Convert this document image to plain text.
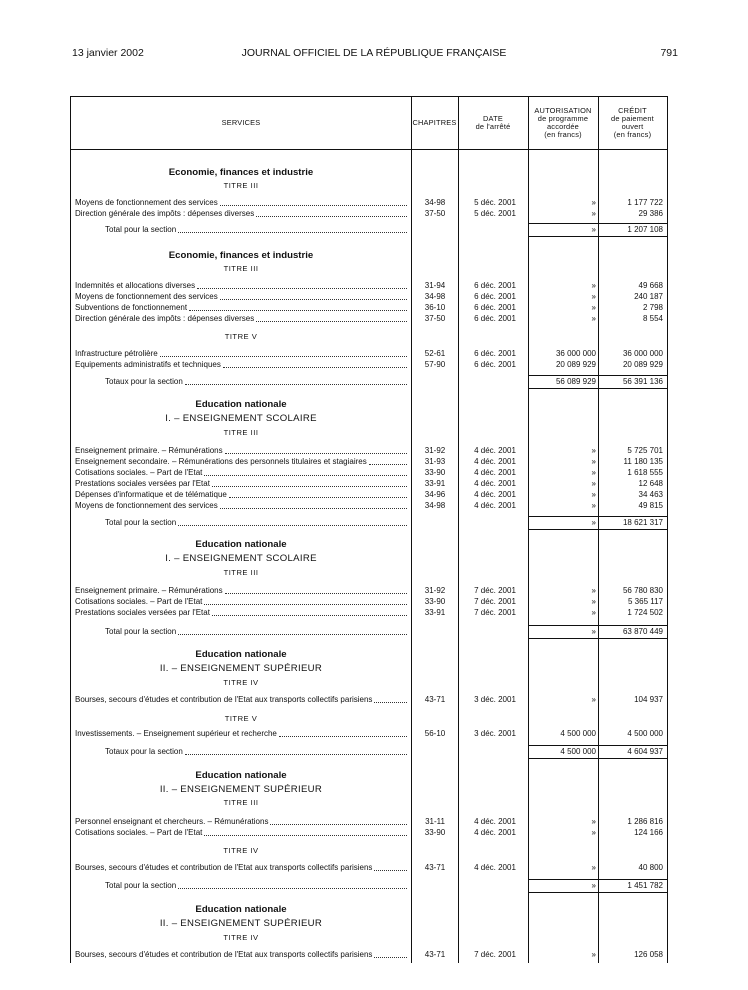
13 janvier 2002	JOURNAL OFFICIEL DE LA RÉPUBLIQUE FRANÇAISE	791
SERVICES	CHAPITRES	DATE
de l'arrêté
AUTORISATION
de programme
accordée
(en francs)
CRÉDIT
de paiement
ouvert
(en francs)
Economie, finances et industrie
TITRE III
Moyens de fonctionnement des services	34-98	5 déc. 2001	»	1 177 722
Direction générale des impôts : dépenses diverses	37-50	5 déc. 2001	»	29 386
Total pour la section	»	1 207 108
Economie, finances et industrie
TITRE III
Indemnités et allocations diverses	31-94	6 déc. 2001	»	49 668
Moyens de fonctionnement des services	34-98	6 déc. 2001	»	240 187
Subventions de fonctionnement	36-10	6 déc. 2001	»	2 798
Direction générale des impôts : dépenses diverses	37-50	6 déc. 2001	»	8 554
TITRE V
Infrastructure pétrolière	52-61	6 déc. 2001	36 000 000	36 000 000
Equipements administratifs et techniques	57-90	6 déc. 2001	20 089 929	20 089 929
Totaux pour la section	56 089 929	56 391 136
Education nationale
I. – ENSEIGNEMENT SCOLAIRE
TITRE III
Enseignement primaire. – Rémunérations	31-92	4 déc. 2001	»	5 725 701
Enseignement secondaire. – Rémunérations des personnels titulaires et stagiaires	31-93	4 déc. 2001	»	11 180 135
Cotisations sociales. – Part de l'Etat	33-90	4 déc. 2001	»	1 618 555
Prestations sociales versées par l'Etat	33-91	4 déc. 2001	»	12 648
Dépenses d'informatique et de télématique	34-96	4 déc. 2001	»	34 463
Moyens de fonctionnement des services	34-98	4 déc. 2001	»	49 815
Total pour la section	»	18 621 317
Education nationale
I. – ENSEIGNEMENT SCOLAIRE
TITRE III
Enseignement primaire. – Rémunérations	31-92	7 déc. 2001	»	56 780 830
Cotisations sociales. – Part de l'Etat	33-90	7 déc. 2001	»	5 365 117
Prestations sociales versées par l'Etat	33-91	7 déc. 2001	»	1 724 502
Total pour la section	»	63 870 449
Education nationale
II. – ENSEIGNEMENT SUPÉRIEUR
TITRE IV
Bourses, secours d'études et contribution de l'Etat aux transports collectifs parisiens	43-71	3 déc. 2001	»	104 937
TITRE V
Investissements. – Enseignement supérieur et recherche	56-10	3 déc. 2001	4 500 000	4 500 000
Totaux pour la section	4 500 000	4 604 937
Education nationale
II. – ENSEIGNEMENT SUPÉRIEUR
TITRE III
Personnel enseignant et chercheurs. – Rémunérations	31-11	4 déc. 2001	»	1 286 816
Cotisations sociales. – Part de l'Etat	33-90	4 déc. 2001	»	124 166
TITRE IV
Bourses, secours d'études et contribution de l'Etat aux transports collectifs parisiens	43-71	4 déc. 2001	»	40 800
Total pour la section	»	1 451 782
Education nationale
II. – ENSEIGNEMENT SUPÉRIEUR
TITRE IV
Bourses, secours d'études et contribution de l'Etat aux transports collectifs parisiens	43-71	7 déc. 2001	»	126 058
